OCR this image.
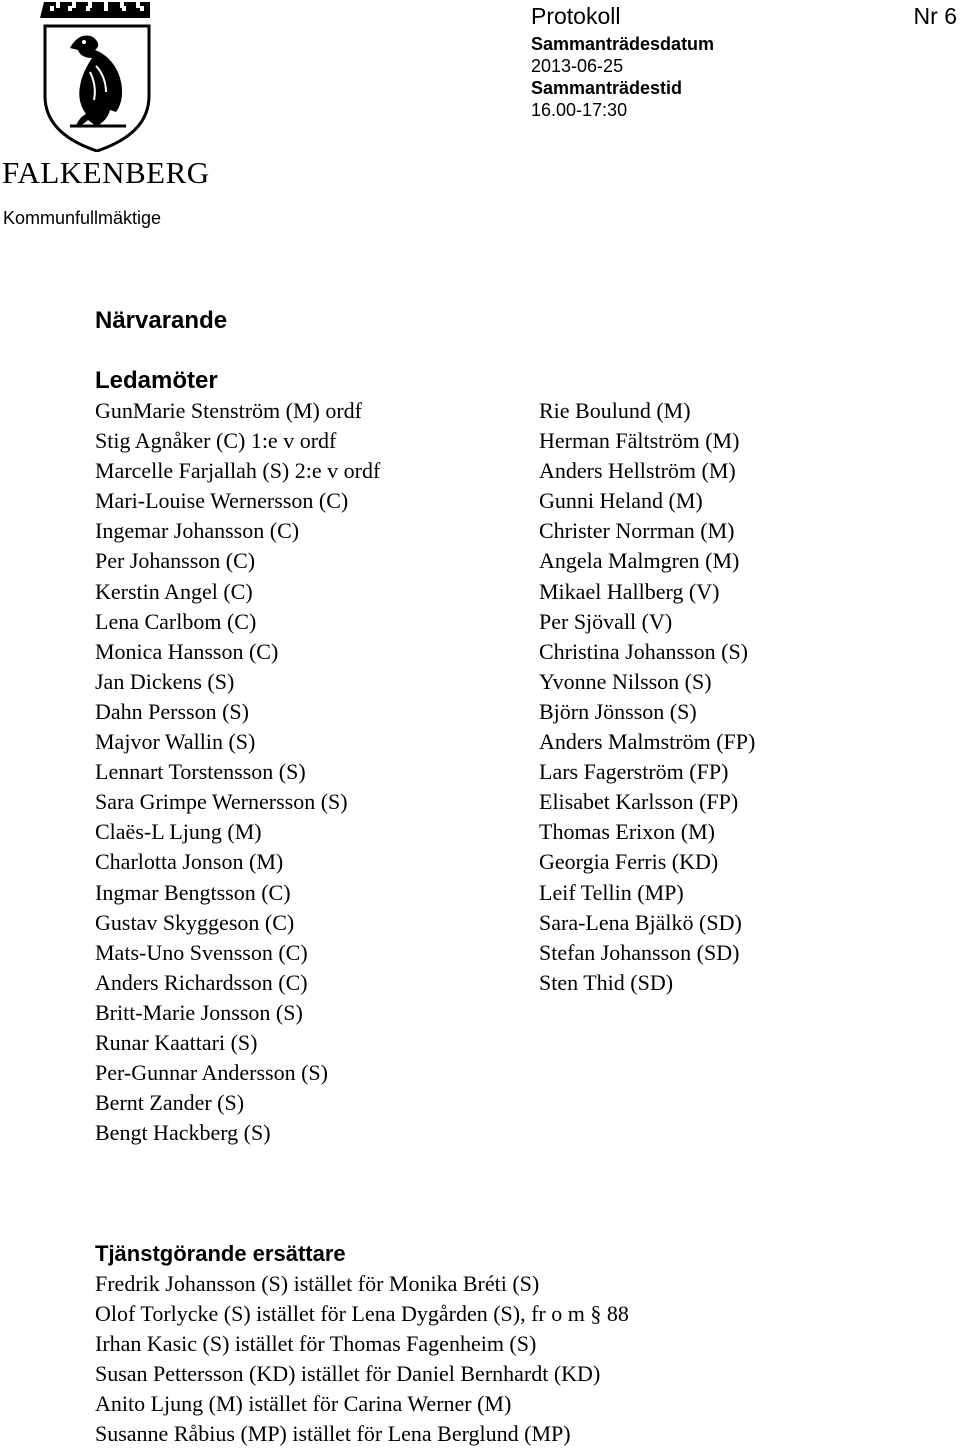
FALKENBERG
Kommunfullmäktige
Protokoll	Nr 6
Sammanträdesdatum
2013-06-25
Sammanträdestid
16.00-17:30
Närvarande
Ledamöter
GunMarie Stenström (M) ordf
Stig Agnåker (C) 1:e v ordf
Marcelle Farjallah (S) 2:e v ordf
Mari-Louise Wernersson (C)
Ingemar Johansson (C)
Per Johansson (C)
Kerstin Angel (C)
Lena Carlbom (C)
Monica Hansson (C)
Jan Dickens (S)
Dahn Persson (S)
Majvor Wallin (S)
Lennart Torstensson (S)
Sara Grimpe Wernersson (S)
Claës-L Ljung (M)
Charlotta Jonson (M)
Ingmar Bengtsson (C)
Gustav Skyggeson (C)
Mats-Uno Svensson (C)
Anders Richardsson (C)
Britt-Marie Jonsson (S)
Runar Kaattari (S)
Per-Gunnar Andersson (S)
Bernt Zander (S)
Bengt Hackberg (S)
Rie Boulund (M)
Herman Fältström (M)
Anders Hellström (M)
Gunni Heland (M)
Christer Norrman (M)
Angela Malmgren (M)
Mikael Hallberg (V)
Per Sjövall (V)
Christina Johansson (S)
Yvonne Nilsson (S)
Björn Jönsson (S)
Anders Malmström (FP)
Lars Fagerström (FP)
Elisabet Karlsson (FP)
Thomas Erixon (M)
Georgia Ferris (KD)
Leif Tellin (MP)
Sara-Lena Bjälkö (SD)
Stefan Johansson (SD)
Sten Thid (SD)
Tjänstgörande ersättare
Fredrik Johansson (S) istället för Monika Bréti (S)
Olof Torlycke (S) istället för Lena Dygården (S), fr o m § 88
Irhan Kasic (S) istället för Thomas Fagenheim (S)
Susan Pettersson (KD) istället för Daniel Bernhardt (KD)
Anito Ljung (M) istället för Carina Werner (M)
Susanne Råbius (MP) istället för Lena Berglund (MP)
